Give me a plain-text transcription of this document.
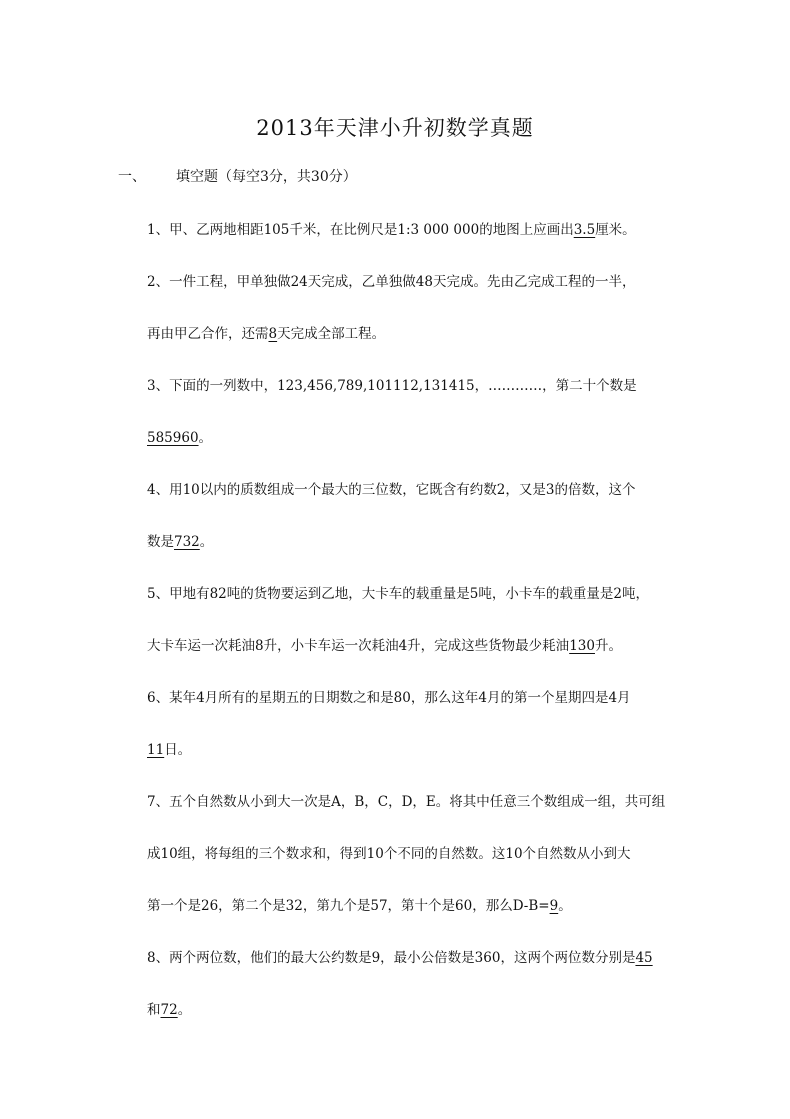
2013年天津小升初数学真题
一、 填空题（每空3分，共30分）
1、甲、乙两地相距105千米，在比例尺是1:3 000 000的地图上应画出3.5厘米。
2、一件工程，甲单独做24天完成，乙单独做48天完成。先由乙完成工程的一半，
再由甲乙合作，还需8天完成全部工程。
3、下面的一列数中，123,456,789,101112,131415，…………，第二十个数是
585960。
4、用10以内的质数组成一个最大的三位数，它既含有约数2，又是3的倍数，这个
数是732。
5、甲地有82吨的货物要运到乙地，大卡车的载重量是5吨，小卡车的载重量是2吨，
大卡车运一次耗油8升，小卡车运一次耗油4升，完成这些货物最少耗油130升。
6、某年4月所有的星期五的日期数之和是80，那么这年4月的第一个星期四是4月
11日。
7、五个自然数从小到大一次是A，B，C，D，E。将其中任意三个数组成一组，共可组
成10组，将每组的三个数求和，得到10个不同的自然数。这10个自然数从小到大
第一个是26，第二个是32，第九个是57，第十个是60，那么D-B=9。
8、两个两位数，他们的最大公约数是9，最小公倍数是360，这两个两位数分别是45
和72。
